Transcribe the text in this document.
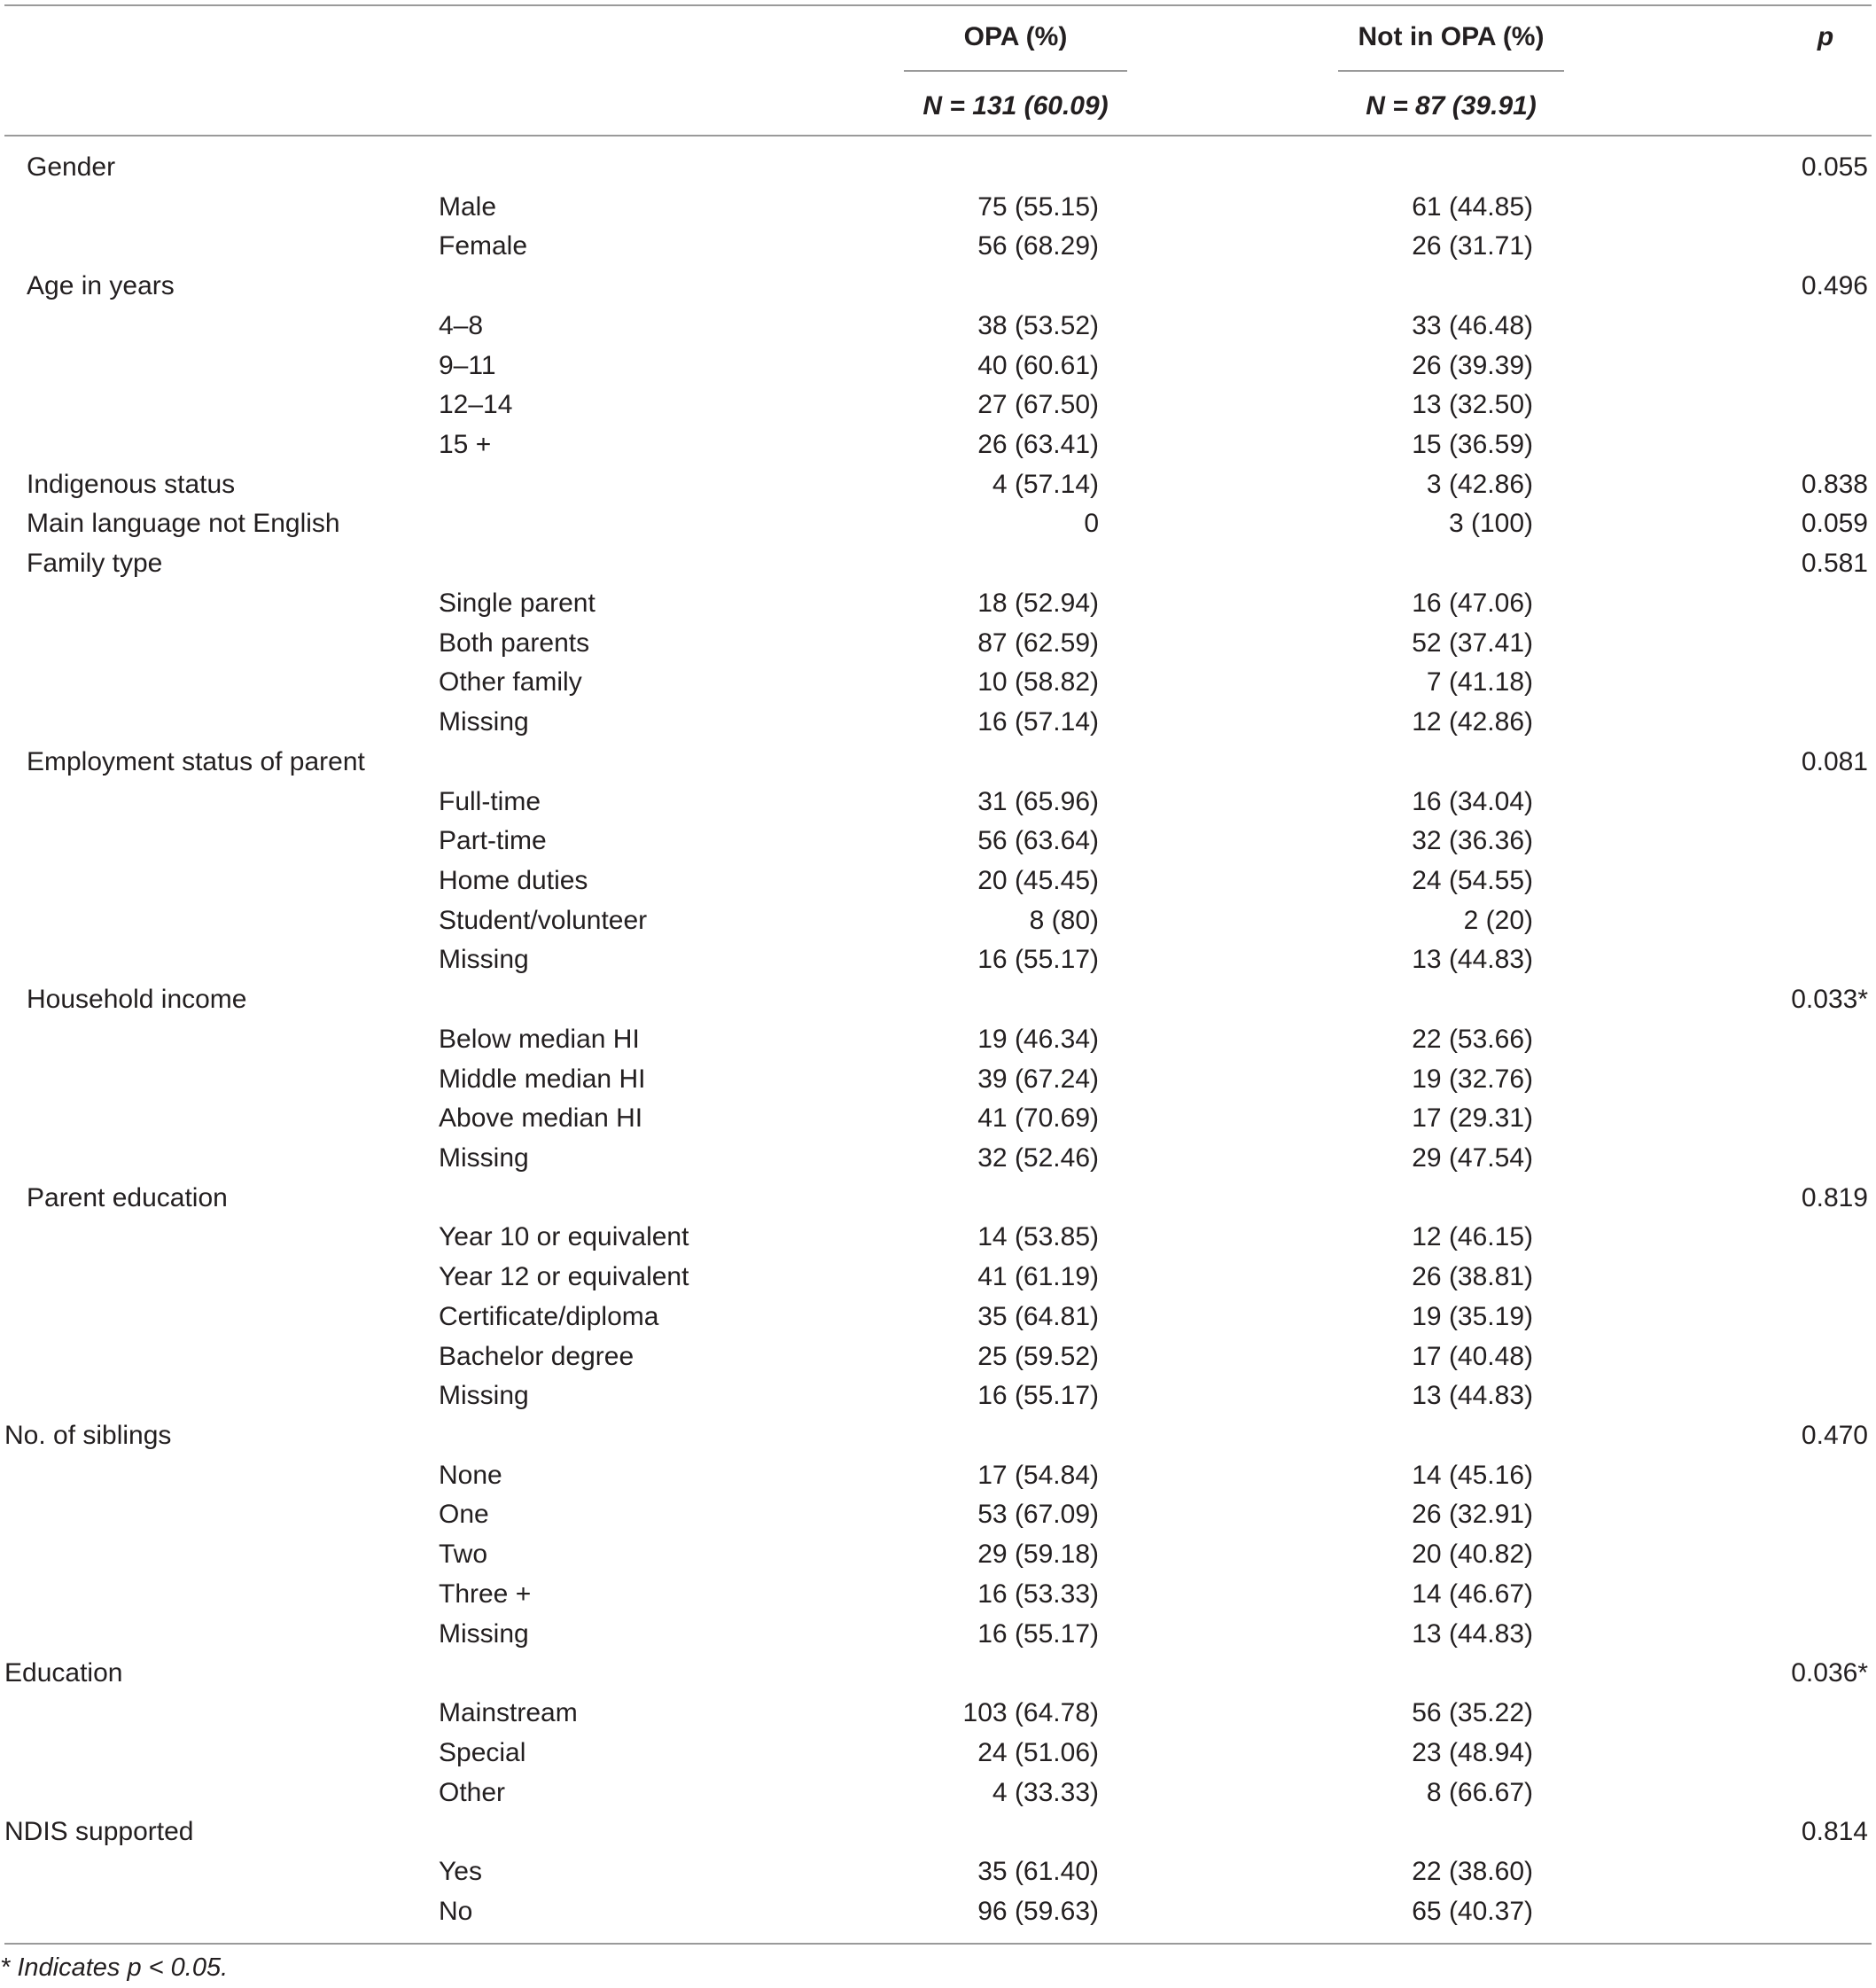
OPA (%)	Not in OPA (%)	p
N = 131 (60.09)	N = 87 (39.91)
Gender	0.055
Male	75 (55.15)	61 (44.85)
Female	56 (68.29)	26 (31.71)
Age in years	0.496
4–8	38 (53.52)	33 (46.48)
9–11	40 (60.61)	26 (39.39)
12–14	27 (67.50)	13 (32.50)
15 +	26 (63.41)	15 (36.59)
Indigenous status	4 (57.14)	3 (42.86)	0.838
Main language not English	0	3 (100)	0.059
Family type	0.581
Single parent	18 (52.94)	16 (47.06)
Both parents	87 (62.59)	52 (37.41)
Other family	10 (58.82)	7 (41.18)
Missing	16 (57.14)	12 (42.86)
Employment status of parent	0.081
Full-time	31 (65.96)	16 (34.04)
Part-time	56 (63.64)	32 (36.36)
Home duties	20 (45.45)	24 (54.55)
Student/volunteer	8 (80)	2 (20)
Missing	16 (55.17)	13 (44.83)
Household income	0.033*
Below median HI	19 (46.34)	22 (53.66)
Middle median HI	39 (67.24)	19 (32.76)
Above median HI	41 (70.69)	17 (29.31)
Missing	32 (52.46)	29 (47.54)
Parent education	0.819
Year 10 or equivalent	14 (53.85)	12 (46.15)
Year 12 or equivalent	41 (61.19)	26 (38.81)
Certificate/diploma	35 (64.81)	19 (35.19)
Bachelor degree	25 (59.52)	17 (40.48)
Missing	16 (55.17)	13 (44.83)
No. of siblings	0.470
None	17 (54.84)	14 (45.16)
One	53 (67.09)	26 (32.91)
Two	29 (59.18)	20 (40.82)
Three +	16 (53.33)	14 (46.67)
Missing	16 (55.17)	13 (44.83)
Education	0.036*
Mainstream	103 (64.78)	56 (35.22)
Special	24 (51.06)	23 (48.94)
Other	4 (33.33)	8 (66.67)
NDIS supported	0.814
Yes	35 (61.40)	22 (38.60)
No	96 (59.63)	65 (40.37)
* Indicates p < 0.05.
